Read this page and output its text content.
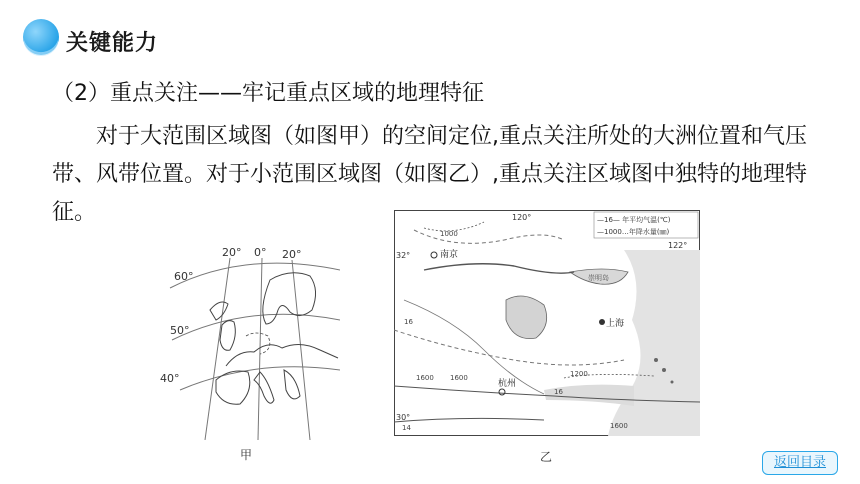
关键能力
（2）重点关注——牢记重点区域的地理特征
对于大范围区域图（如图甲）的空间定位,重点关注所处的大洲位置和气压带、风带位置。对于小范围区域图（如图乙）,重点关注区域图中独特的地理特征。
20° 0° 20°
60°
50°
40°
甲
—16— 年平均气温(℃)
—1000…年降水量(㎜)
120°
122°
32°
30°
南京
上海
杭州
崇明岛
1000
1200
1600 1600
1600
16
16
14
乙	返回目录
